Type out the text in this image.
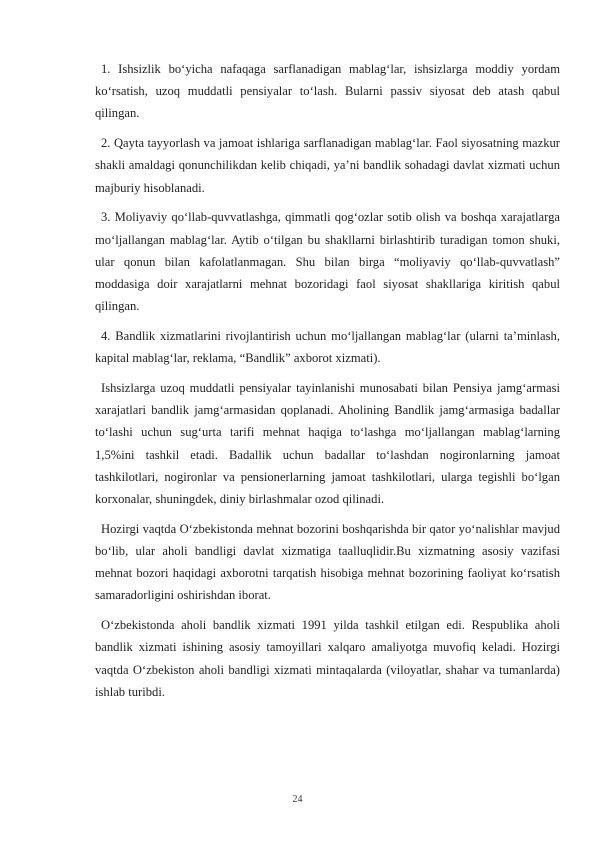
1. Ishsizlik bo‘yicha nafaqaga sarflanadigan mablag‘lar, ishsizlarga moddiy yordam ko‘rsatish, uzoq muddatli pensiyalar to‘lash. Bularni passiv siyosat deb atash qabul qilingan.

2. Qayta tayyorlash va jamoat ishlariga sarflanadigan mablag‘lar. Faol siyosatning mazkur shakli amaldagi qonunchilikdan kelib chiqadi, ya’ni bandlik sohadagi davlat xizmati uchun majburiy hisoblanadi.

3. Moliyaviy qo‘llab-quvvatlashga, qimmatli qog‘ozlar sotib olish va boshqa xarajatlarga mo‘ljallangan mablag‘lar. Aytib o‘tilgan bu shakllarni birlashtirib turadigan tomon shuki, ular qonun bilan kafolatlanmagan. Shu bilan birga “moliyaviy qo‘llab-quvvatlash” moddasiga doir xarajatlarni mehnat bozoridagi faol siyosat shakllariga kiritish qabul qilingan.

4. Bandlik xizmatlarini rivojlantirish uchun mo‘ljallangan mablag‘lar (ularni ta’minlash, kapital mablag‘lar, reklama, “Bandlik” axborot xizmati).

Ishsizlarga uzoq muddatli pensiyalar tayinlanishi munosabati bilan Pensiya jamg‘armasi xarajatlari bandlik jamg‘armasidan qoplanadi. Aholining Bandlik jamg‘armasiga badallar to‘lashi uchun sug‘urta tarifi mehnat haqiga to‘lashga mo‘ljallangan mablag‘larning 1,5%ini tashkil etadi. Badallik uchun badallar to‘lashdan nogironlarning jamoat tashkilotlari, nogironlar va pensionerlarning jamoat tashkilotlari, ularga tegishli bo‘lgan korxonalar, shuningdek, diniy birlashmalar ozod qilinadi.

Hozirgi vaqtda O‘zbekistonda mehnat bozorini boshqarishda bir qator yo‘nalishlar mavjud bo‘lib, ular aholi bandligi davlat xizmatiga taalluqlidir.Bu xizmatning asosiy vazifasi mehnat bozori haqidagi axborotni tarqatish hisobiga mehnat bozorining faoliyat ko‘rsatish samaradorligini oshirishdan iborat.

O‘zbekistonda aholi bandlik xizmati 1991 yilda tashkil etilgan edi. Respublika aholi bandlik xizmati ishining asosiy tamoyillari xalqaro amaliyotga muvofiq keladi. Hozirgi vaqtda O‘zbekiston aholi bandligi xizmati mintaqalarda (viloyatlar, shahar va tumanlarda) ishlab turibdi.

24
